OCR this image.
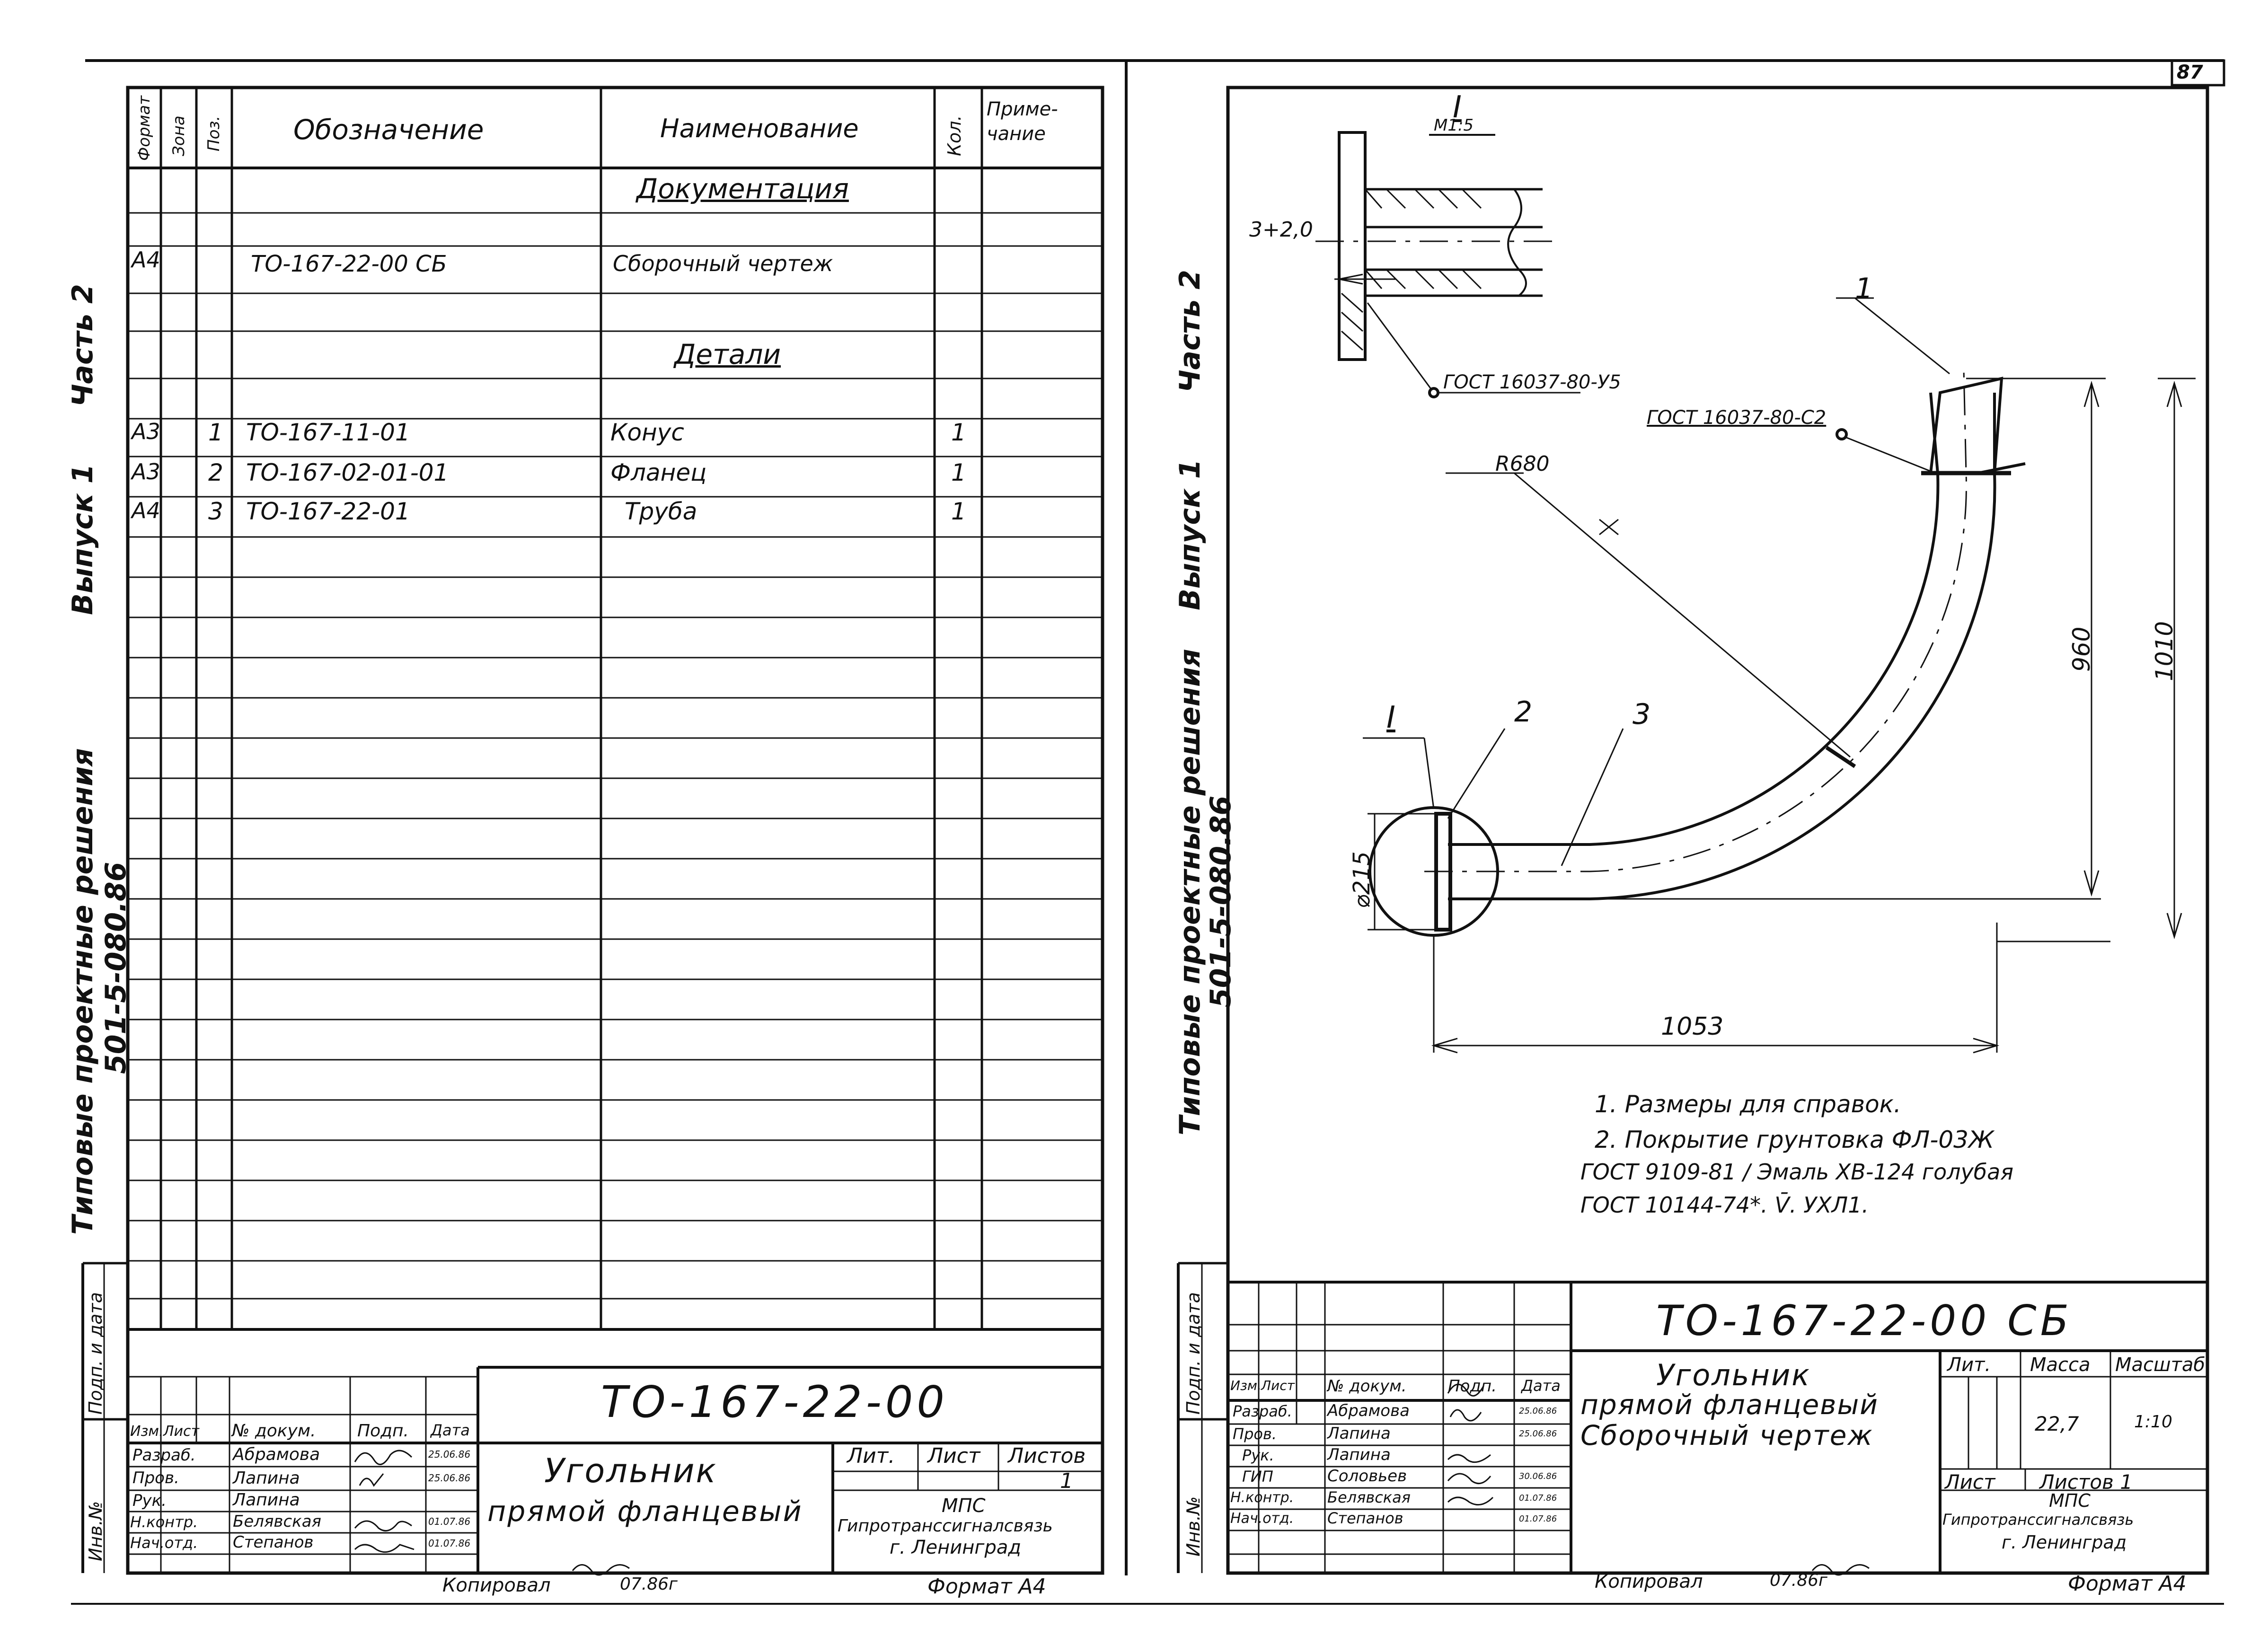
87
Типовые проектные решения 501-5-080.86
Выпуск 1
Часть 2
Формат Зона Поз.	Обозначение	Наименование	Кол.
Приме-чание
Документация
Детали
А4	ТО-167-22-00 СБ	Сборочный чертеж
А3 1 ТО-167-11-01	Конус	1
А3 2 ТО-167-02-01-01	Фланец	1
А4 3 ТО-167-22-01	Труба	1
Подп. и дата
Инв.№
Изм. Лист № докум. Подп. Дата
Разраб. Абрамова	25.06.86
Пров.	Лапина	25.06.86
Рук.	Лапина
Н.контр. Белявская	01.07.86
Нач.отд. Степанов	01.07.86
ТО-167-22-00
Угольник
прямой фланцевый
Лит. Лист Листов
1
МПС
Гипротрансcигналсвязь
г. Ленинград
Копировал	07.86г	Формат А4
Типовые проектные решения
501-5-080.86
Выпуск 1
Часть 2
I
М1:5
3+2,0
ГОСТ 16037-80-У5
ГОСТ 16037-80-С2
R680
960 1010
1053
⌀215
1
2	3
I
1. Размеры для справок.
2. Покрытие грунтовка ФЛ-03Ж
ГОСТ 9109-81 / Эмаль ХВ-124 голубая
ГОСТ 10144-74*. V̄. УХЛ1.
Подп. и дата
Инв.№
ТО-167-22-00 СБ
Угольник
прямой фланцевый
Сборочный чертеж
Лит. Масса Масштаб
22,7	1:10
Лист Листов 1
МПС
Гипротрансcигналсвязь
г. Ленинград
Изм. Лист № докум.	Подп. Дата
Разраб. Абрамова	25.06.86
Пров.	Лапина	25.06.86
Рук.	Лапина
ГИП	Соловьев	30.06.86
Н.контр. Белявская	01.07.86
Нач.отд. Степанов	01.07.86
Копировал	07.86г	Формат А4
